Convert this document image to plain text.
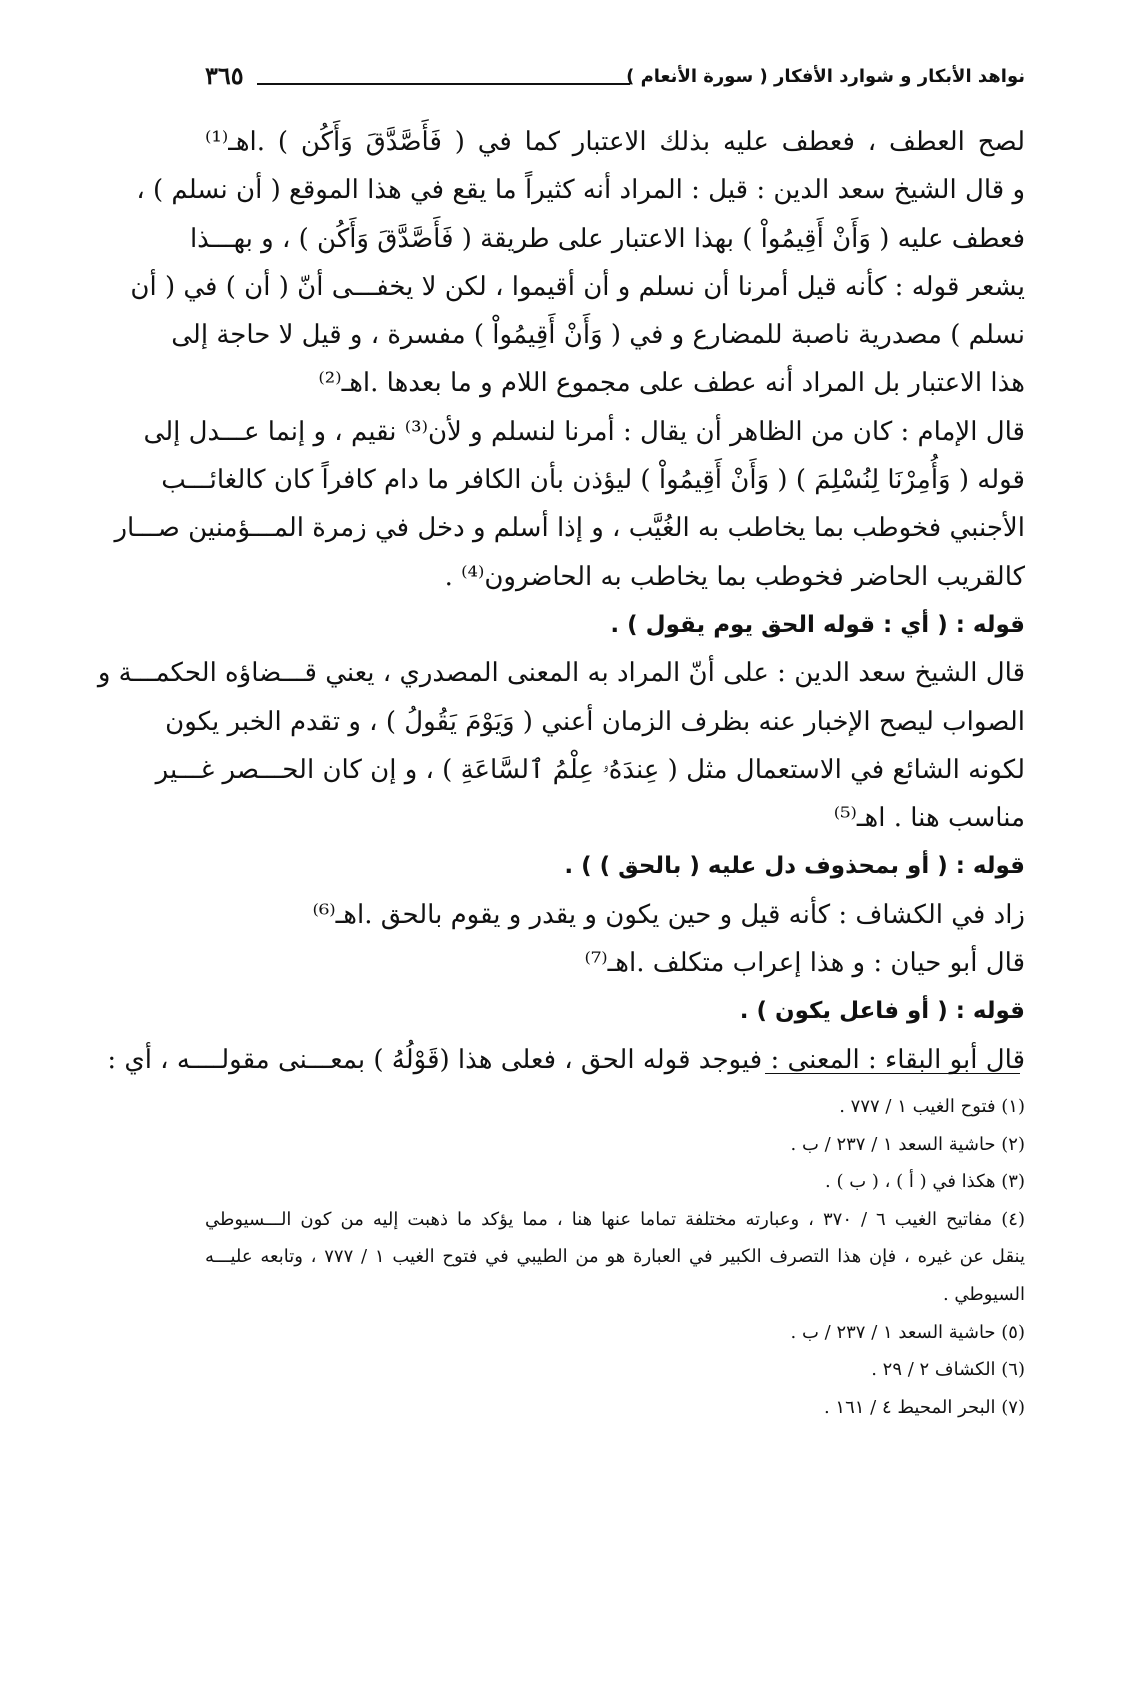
نواهد الأبكار و شوارد الأفكار ( سورة الأنعام )
٣٦٥
لصح العطف ، فعطف عليه بذلك الاعتبار كما في ( فَأَصَّدَّقَ وَأَكُن ) .اهـ⁽¹⁾
و قال الشيخ سعد الدين : قيل : المراد أنه كثيراً ما يقع في هذا الموقع ( أن نسلم ) ،
فعطف عليه ( وَأَنْ أَقِيمُواْ ) بهذا الاعتبار على طريقة ( فَأَصَّدَّقَ وَأَكُن ) ، و بهـــذا
يشعر قوله : كأنه قيل أمرنا أن نسلم و أن أقيموا ، لكن لا يخفـــى أنّ ( أن ) في ( أن
نسلم ) مصدرية ناصبة للمضارع و في ( وَأَنْ أَقِيمُواْ ) مفسرة ، و قيل لا حاجة إلى
هذا الاعتبار بل المراد أنه عطف على مجموع اللام و ما بعدها .اهـ⁽²⁾
قال الإمام : كان من الظاهر أن يقال : أمرنا لنسلم و لأن⁽³⁾ نقيم ، و إنما عـــدل إلى
قوله ( وَأُمِرْنَا لِنُسْلِمَ ) ( وَأَنْ أَقِيمُواْ ) ليؤذن بأن الكافر ما دام كافراً كان كالغائـــب
الأجنبي فخوطب بما يخاطب به الغُيَّب ، و إذا أسلم و دخل في زمرة المـــؤمنين صـــار
كالقريب الحاضر فخوطب بما يخاطب به الحاضرون⁽⁴⁾ .
قوله : ( أي : قوله الحق يوم يقول ) .
قال الشيخ سعد الدين : على أنّ المراد به المعنى المصدري ، يعني قـــضاؤه الحكمـــة و
الصواب ليصح الإخبار عنه بظرف الزمان أعني ( وَيَوْمَ يَقُولُ ) ، و تقدم الخبر يكون
لكونه الشائع في الاستعمال مثل ( عِندَهُۥ عِلْمُ ٱلسَّاعَةِ ) ، و إن كان الحـــصر غـــير
مناسب هنا . اهـ⁽⁵⁾
قوله : ( أو بمحذوف دل عليه ( بالحق ) ) .
زاد في الكشاف : كأنه قيل و حين يكون و يقدر و يقوم بالحق .اهـ⁽⁶⁾
قال أبو حيان : و هذا إعراب متكلف .اهـ⁽⁷⁾
قوله : ( أو فاعل يكون ) .
قال أبو البقاء : المعنى : فيوجد قوله الحق ، فعلى هذا (قَوْلُهُ ) بمعـــنى مقولــــه ، أي :
(١) فتوح الغيب ١ / ٧٧٧ .
(٢) حاشية السعد ١ / ٢٣٧ / ب .
(٣) هكذا في ( أ ) ، ( ب ) .
(٤) مفاتيح الغيب ٦ / ٣٧٠ ، وعبارته مختلفة تماما عنها هنا ، مما يؤكد ما ذهبت إليه من كون الـــسيوطي
ينقل عن غيره ، فإن هذا التصرف الكبير في العبارة هو من الطيبي في فتوح الغيب ١ / ٧٧٧ ، وتابعه عليـــه
السيوطي .
(٥) حاشية السعد ١ / ٢٣٧ / ب .
(٦) الكشاف ٢ / ٢٩ .
(٧) البحر المحيط ٤ / ١٦١ .
